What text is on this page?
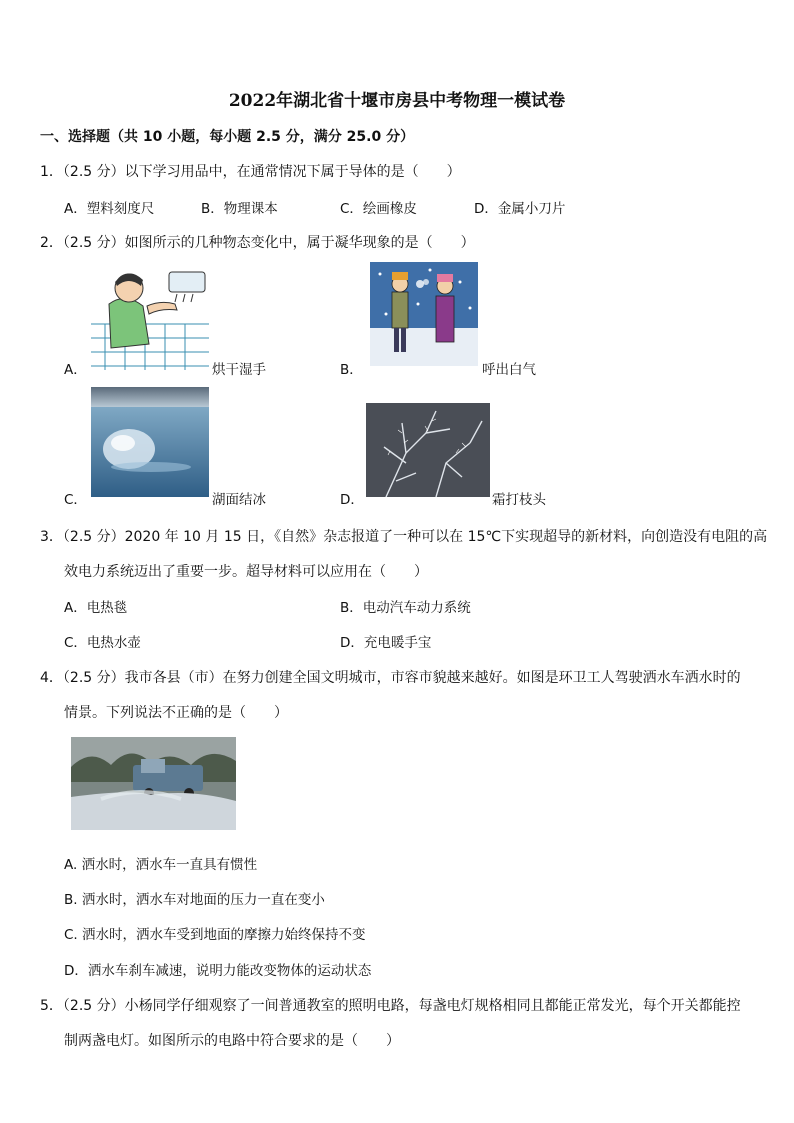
2022年湖北省十堰市房县中考物理一模试卷
一、选择题（共 10 小题，每小题 2.5 分，满分 25.0 分）
1．（2.5 分）以下学习用品中，在通常情况下属于导体的是（　　）
A．塑料刻度尺	B．物理课本	C．绘画橡皮	D．金属小刀片
2．（2.5 分）如图所示的几种物态变化中，属于凝华现象的是（　　）
A．	烘干湿手	B．	呼出白气
C．	湖面结冰	D．	霜打枝头
3．（2.5 分）2020 年 10 月 15 日，《自然》杂志报道了一种可以在 15℃下实现超导的新材料，向创造没有电阻的高
效电力系统迈出了重要一步。超导材料可以应用在（　　）
A．电热毯	B．电动汽车动力系统
C．电热水壶	D．充电暖手宝
4．（2.5 分）我市各县（市）在努力创建全国文明城市，市容市貌越来越好。如图是环卫工人驾驶洒水车洒水时的
情景。下列说法不正确的是（　　）
A. 洒水时，洒水车一直具有惯性
B. 洒水时，洒水车对地面的压力一直在变小
C. 洒水时，洒水车受到地面的摩擦力始终保持不变
D．洒水车刹车减速，说明力能改变物体的运动状态
5．（2.5 分）小杨同学仔细观察了一间普通教室的照明电路，每盏电灯规格相同且都能正常发光，每个开关都能控
制两盏电灯。如图所示的电路中符合要求的是（　　）
